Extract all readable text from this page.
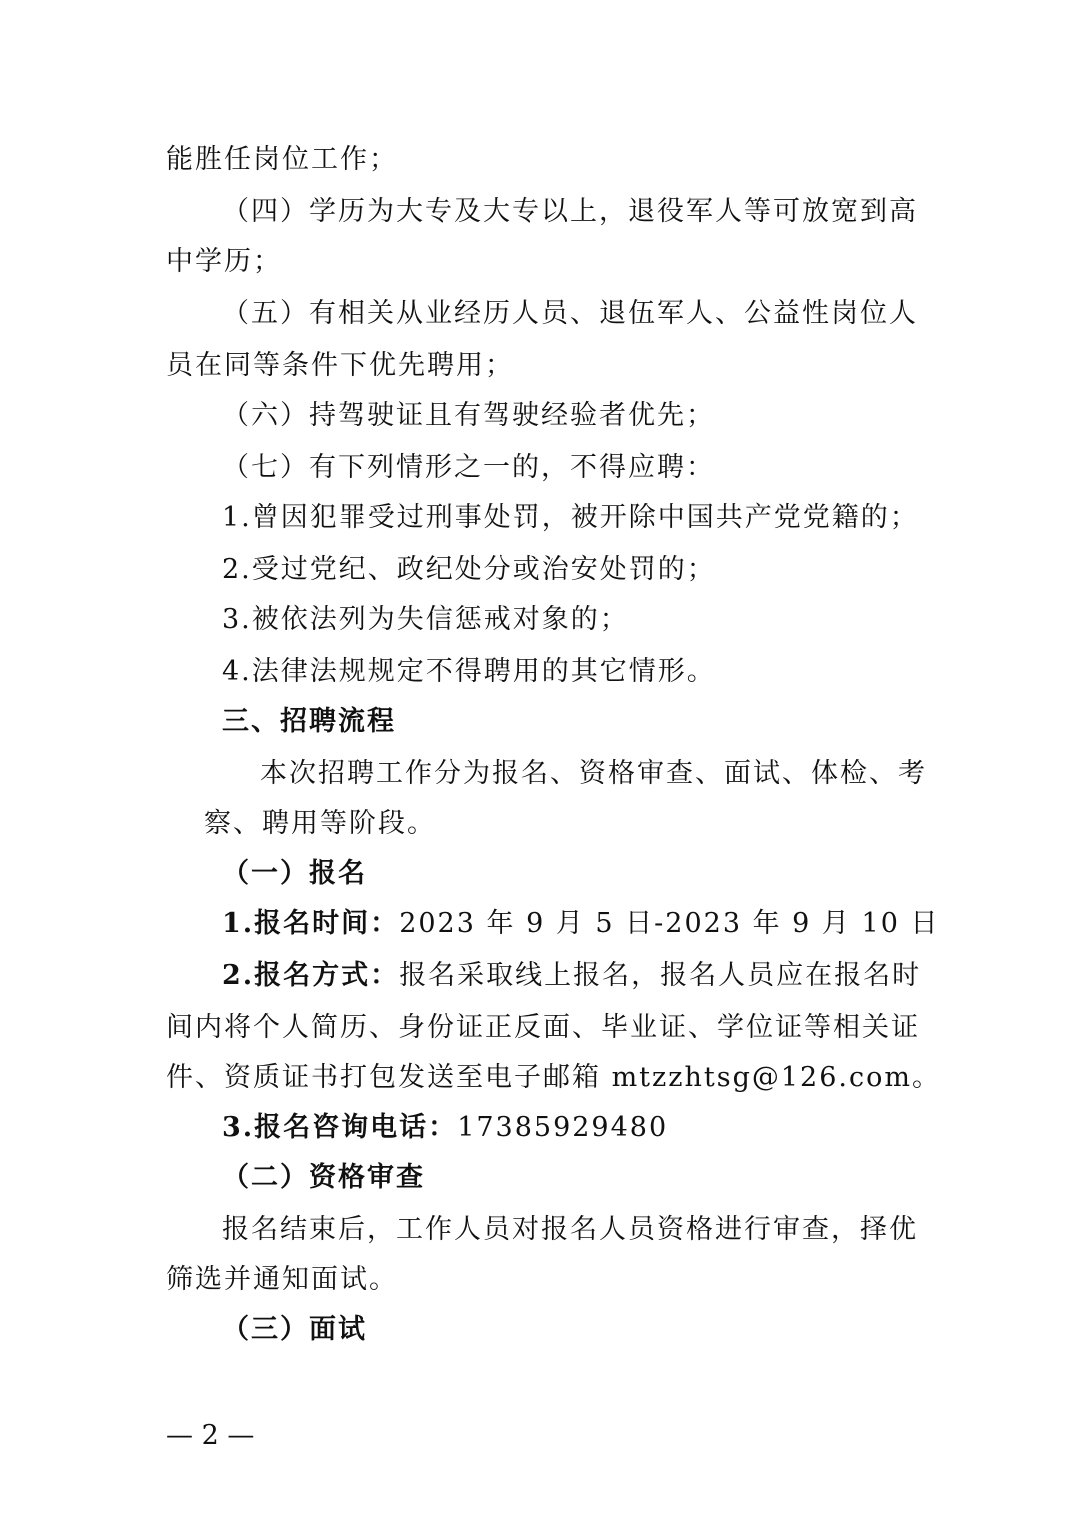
能胜任岗位工作；
（四）学历为大专及大专以上，退役军人等可放宽到高
中学历；
（五）有相关从业经历人员、退伍军人、公益性岗位人
员在同等条件下优先聘用；
（六）持驾驶证且有驾驶经验者优先；
（七）有下列情形之一的，不得应聘：
1.曾因犯罪受过刑事处罚，被开除中国共产党党籍的；
2.受过党纪、政纪处分或治安处罚的；
3.被依法列为失信惩戒对象的；
4.法律法规规定不得聘用的其它情形。
三、招聘流程
本次招聘工作分为报名、资格审查、面试、体检、考
察、聘用等阶段。
（一）报名
1.报名时间：2023 年 9 月 5 日-2023 年 9 月 10 日
2.报名方式：报名采取线上报名，报名人员应在报名时
间内将个人简历、身份证正反面、毕业证、学位证等相关证
件、资质证书打包发送至电子邮箱 mtzzhtsg@126.com。
3.报名咨询电话：17385929480
（二）资格审查
报名结束后，工作人员对报名人员资格进行审查，择优
筛选并通知面试。
（三）面试
— 2 —
